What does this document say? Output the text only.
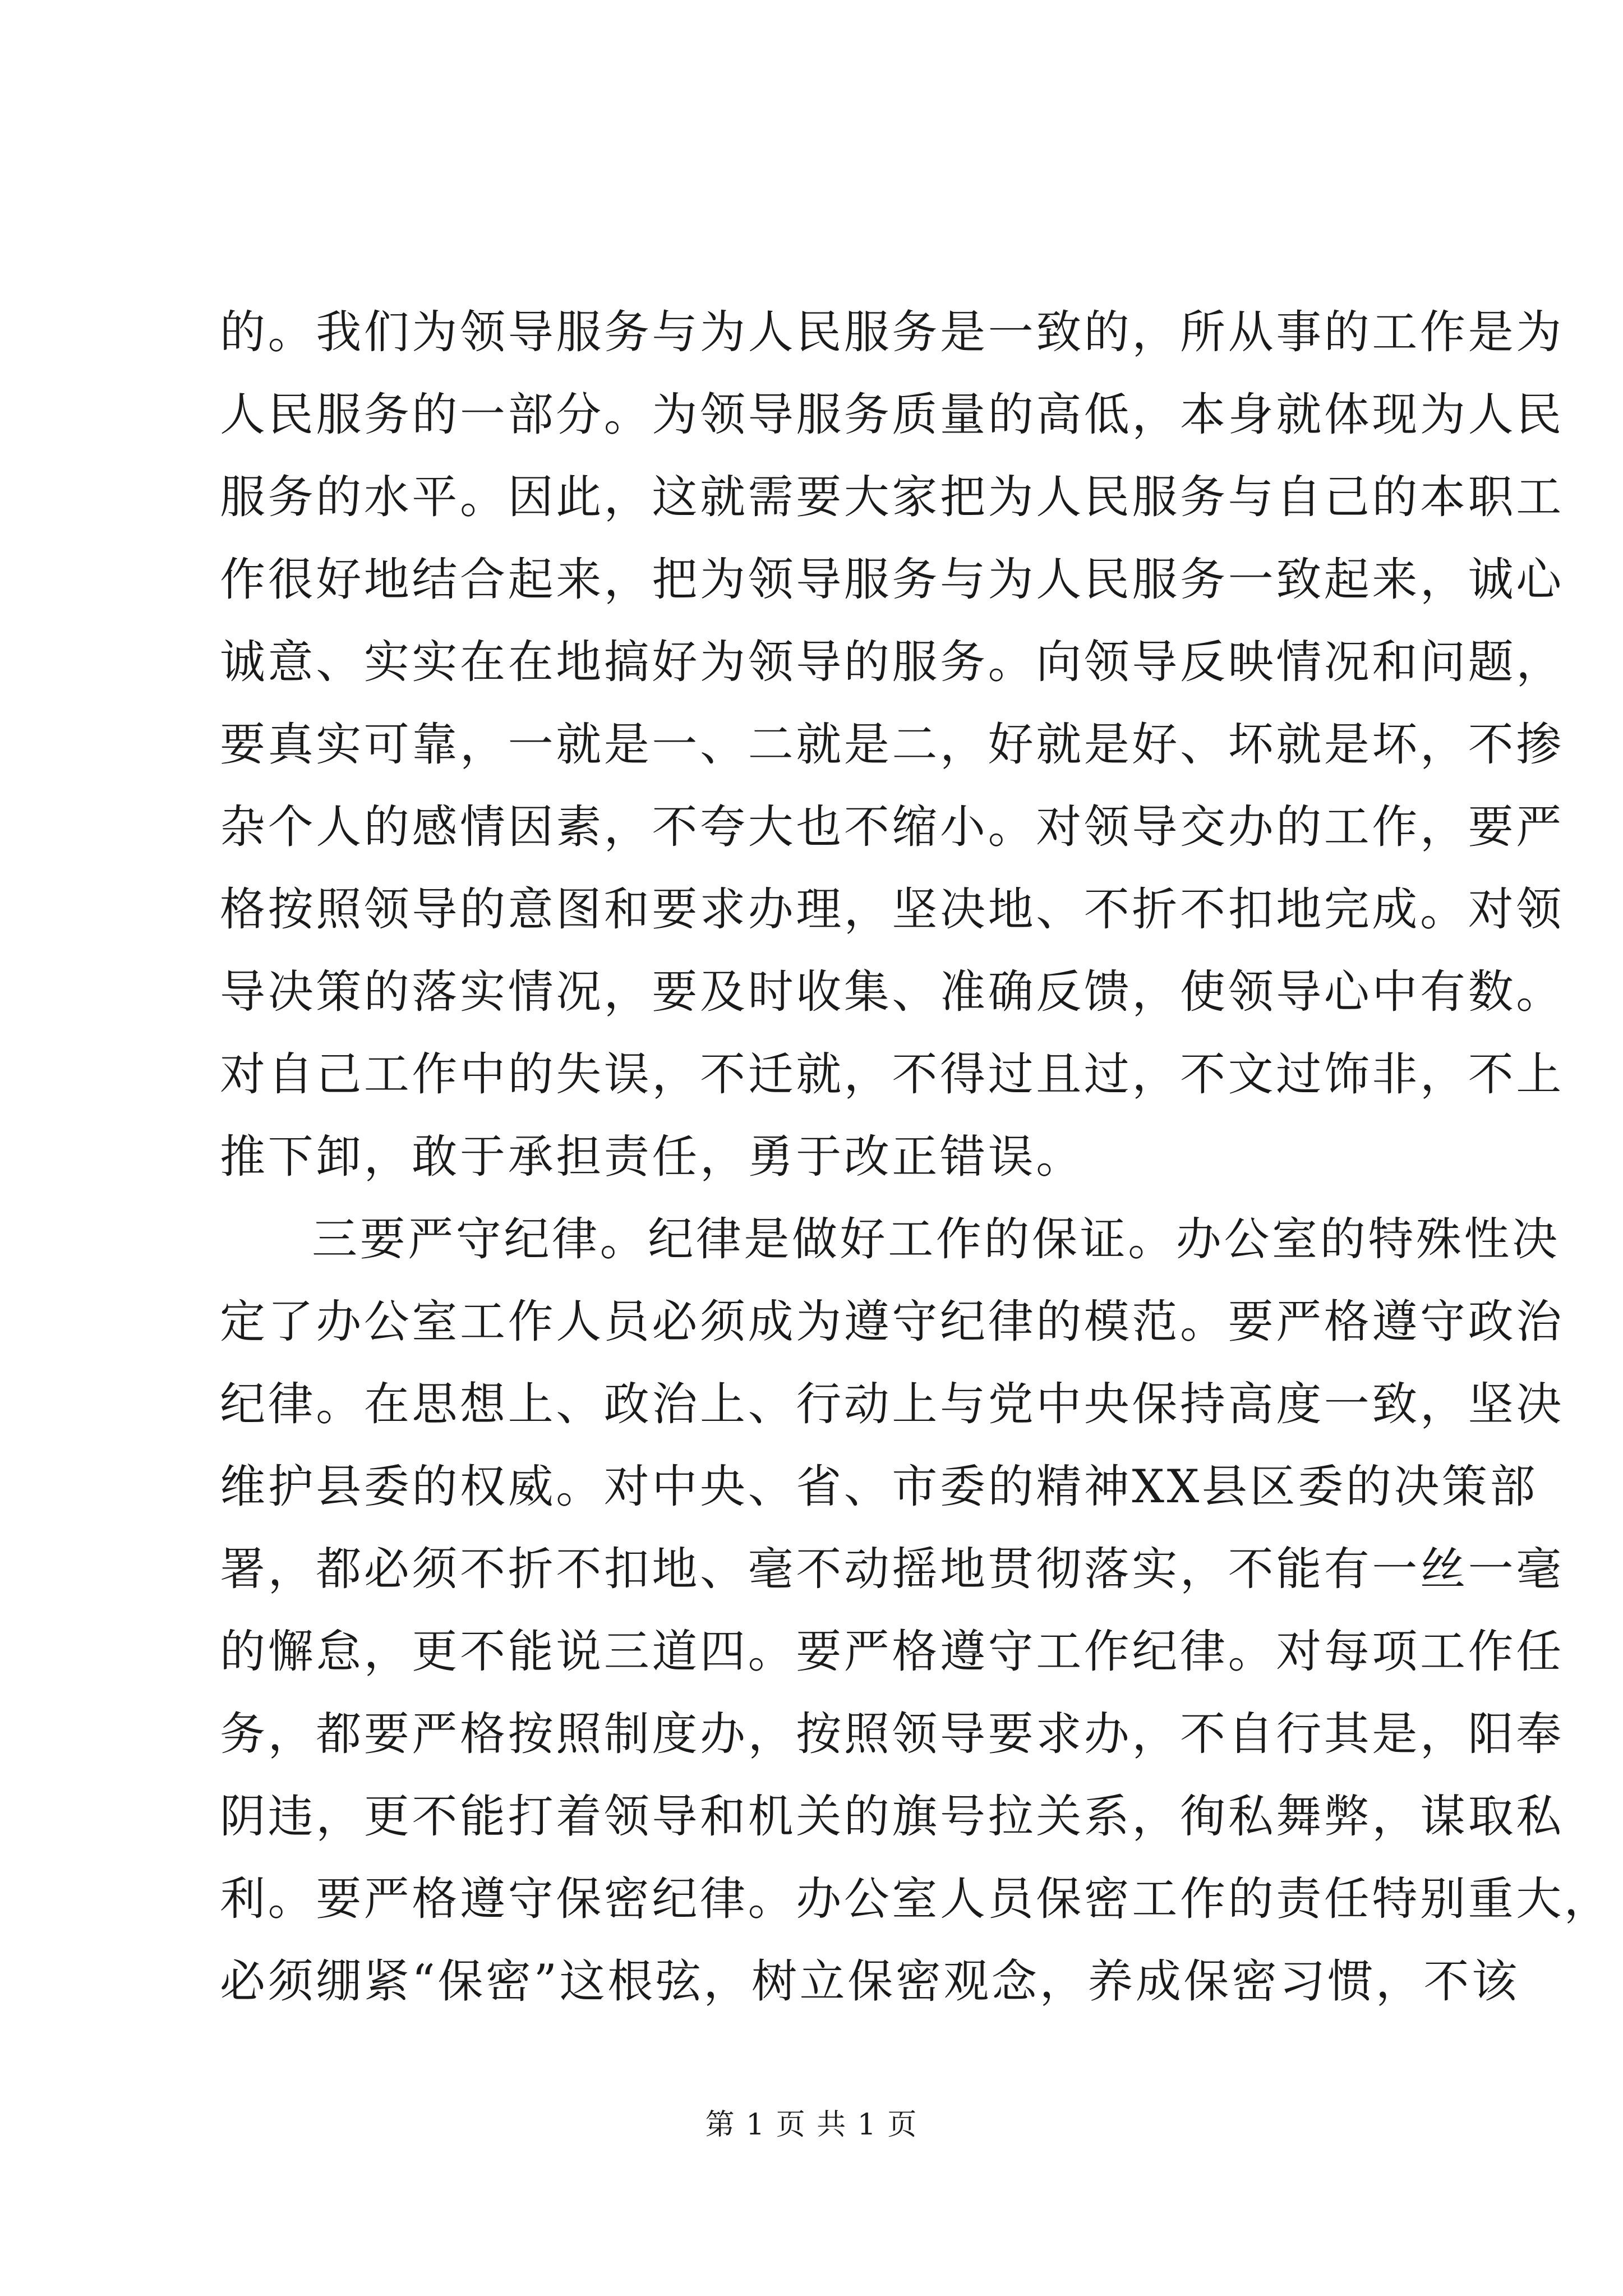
的。我们为领导服务与为人民服务是一致的，所从事的工作是为
人民服务的一部分。为领导服务质量的高低，本身就体现为人民
服务的水平。因此，这就需要大家把为人民服务与自己的本职工
作很好地结合起来，把为领导服务与为人民服务一致起来，诚心
诚意、实实在在地搞好为领导的服务。向领导反映情况和问题，
要真实可靠，一就是一、二就是二，好就是好、坏就是坏，不掺
杂个人的感情因素，不夸大也不缩小。对领导交办的工作，要严
格按照领导的意图和要求办理，坚决地、不折不扣地完成。对领
导决策的落实情况，要及时收集、准确反馈，使领导心中有数。
对自己工作中的失误，不迁就，不得过且过，不文过饰非，不上
推下卸，敢于承担责任，勇于改正错误。
三要严守纪律。纪律是做好工作的保证。办公室的特殊性决
定了办公室工作人员必须成为遵守纪律的模范。要严格遵守政治
纪律。在思想上、政治上、行动上与党中央保持高度一致，坚决
维护县委的权威。对中央、省、市委的精神XX县区委的决策部
署，都必须不折不扣地、毫不动摇地贯彻落实，不能有一丝一毫
的懈怠，更不能说三道四。要严格遵守工作纪律。对每项工作任
务，都要严格按照制度办，按照领导要求办，不自行其是，阳奉
阴违，更不能打着领导和机关的旗号拉关系，徇私舞弊，谋取私
利。要严格遵守保密纪律。办公室人员保密工作的责任特别重大，
必须绷紧“保密”这根弦，树立保密观念，养成保密习惯，不该
第 1 页 共 1 页
